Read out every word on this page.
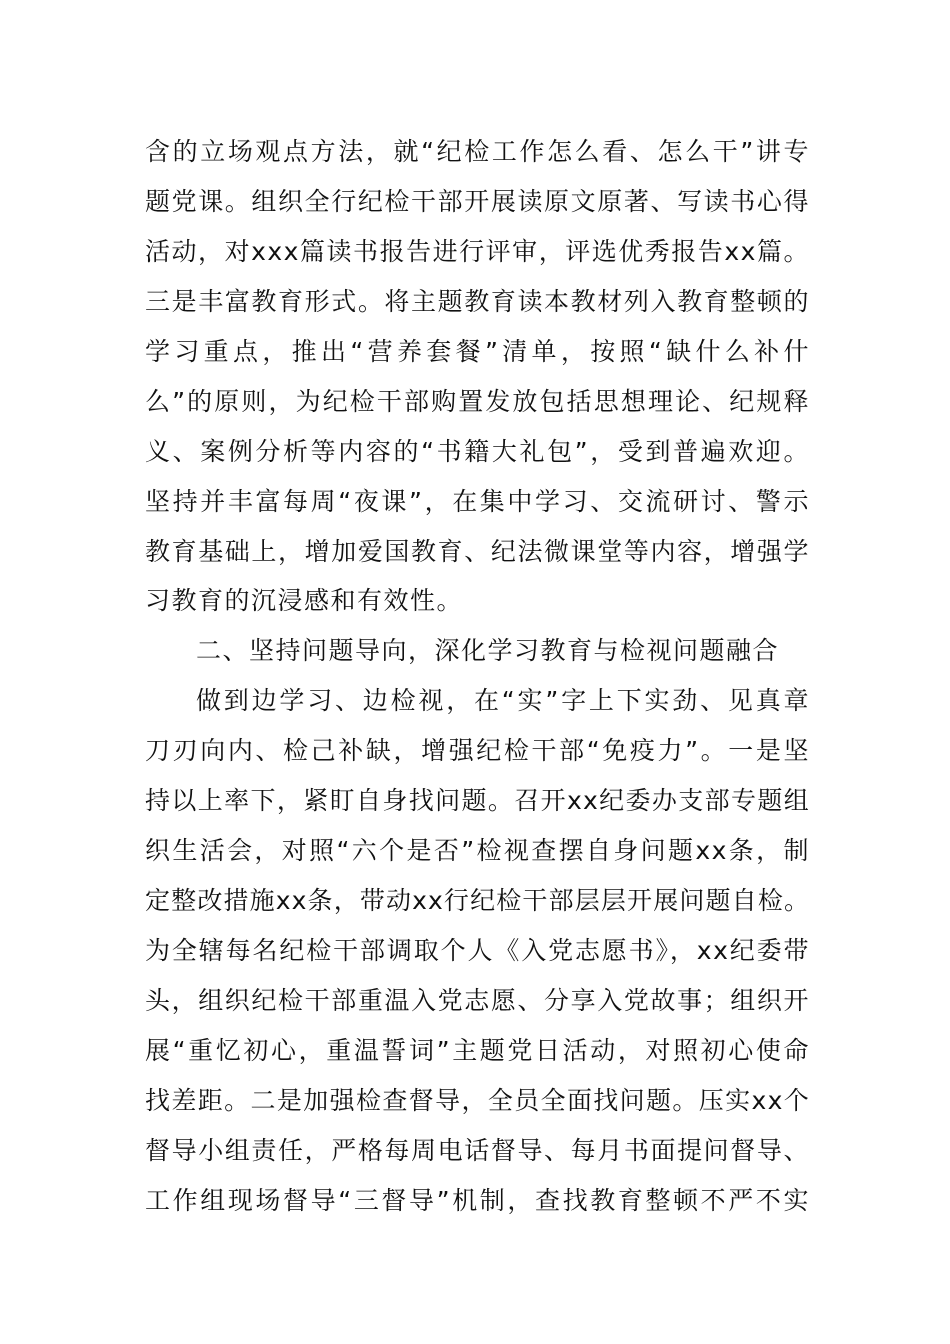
含的立场观点方法，就“纪检工作怎么看、怎么干”讲专
题党课。组织全行纪检干部开展读原文原著、写读书心得
活动，对xxx篇读书报告进行评审，评选优秀报告xx篇。
三是丰富教育形式。将主题教育读本教材列入教育整顿的
学习重点，推出“营养套餐”清单，按照“缺什么补什
么”的原则，为纪检干部购置发放包括思想理论、纪规释
义、案例分析等内容的“书籍大礼包”，受到普遍欢迎。
坚持并丰富每周“夜课”，在集中学习、交流研讨、警示
教育基础上，增加爱国教育、纪法微课堂等内容，增强学
习教育的沉浸感和有效性。
二、坚持问题导向，深化学习教育与检视问题融合
做到边学习、边检视，在“实”字上下实劲、见真章
刀刃向内、检己补缺，增强纪检干部“免疫力”。一是坚
持以上率下，紧盯自身找问题。召开xx纪委办支部专题组
织生活会，对照“六个是否”检视查摆自身问题xx条，制
定整改措施xx条，带动xx行纪检干部层层开展问题自检。
为全辖每名纪检干部调取个人《入党志愿书》，xx纪委带
头，组织纪检干部重温入党志愿、分享入党故事；组织开
展“重忆初心，重温誓词”主题党日活动，对照初心使命
找差距。二是加强检查督导，全员全面找问题。压实xx个
督导小组责任，严格每周电话督导、每月书面提问督导、
工作组现场督导“三督导”机制，查找教育整顿不严不实
